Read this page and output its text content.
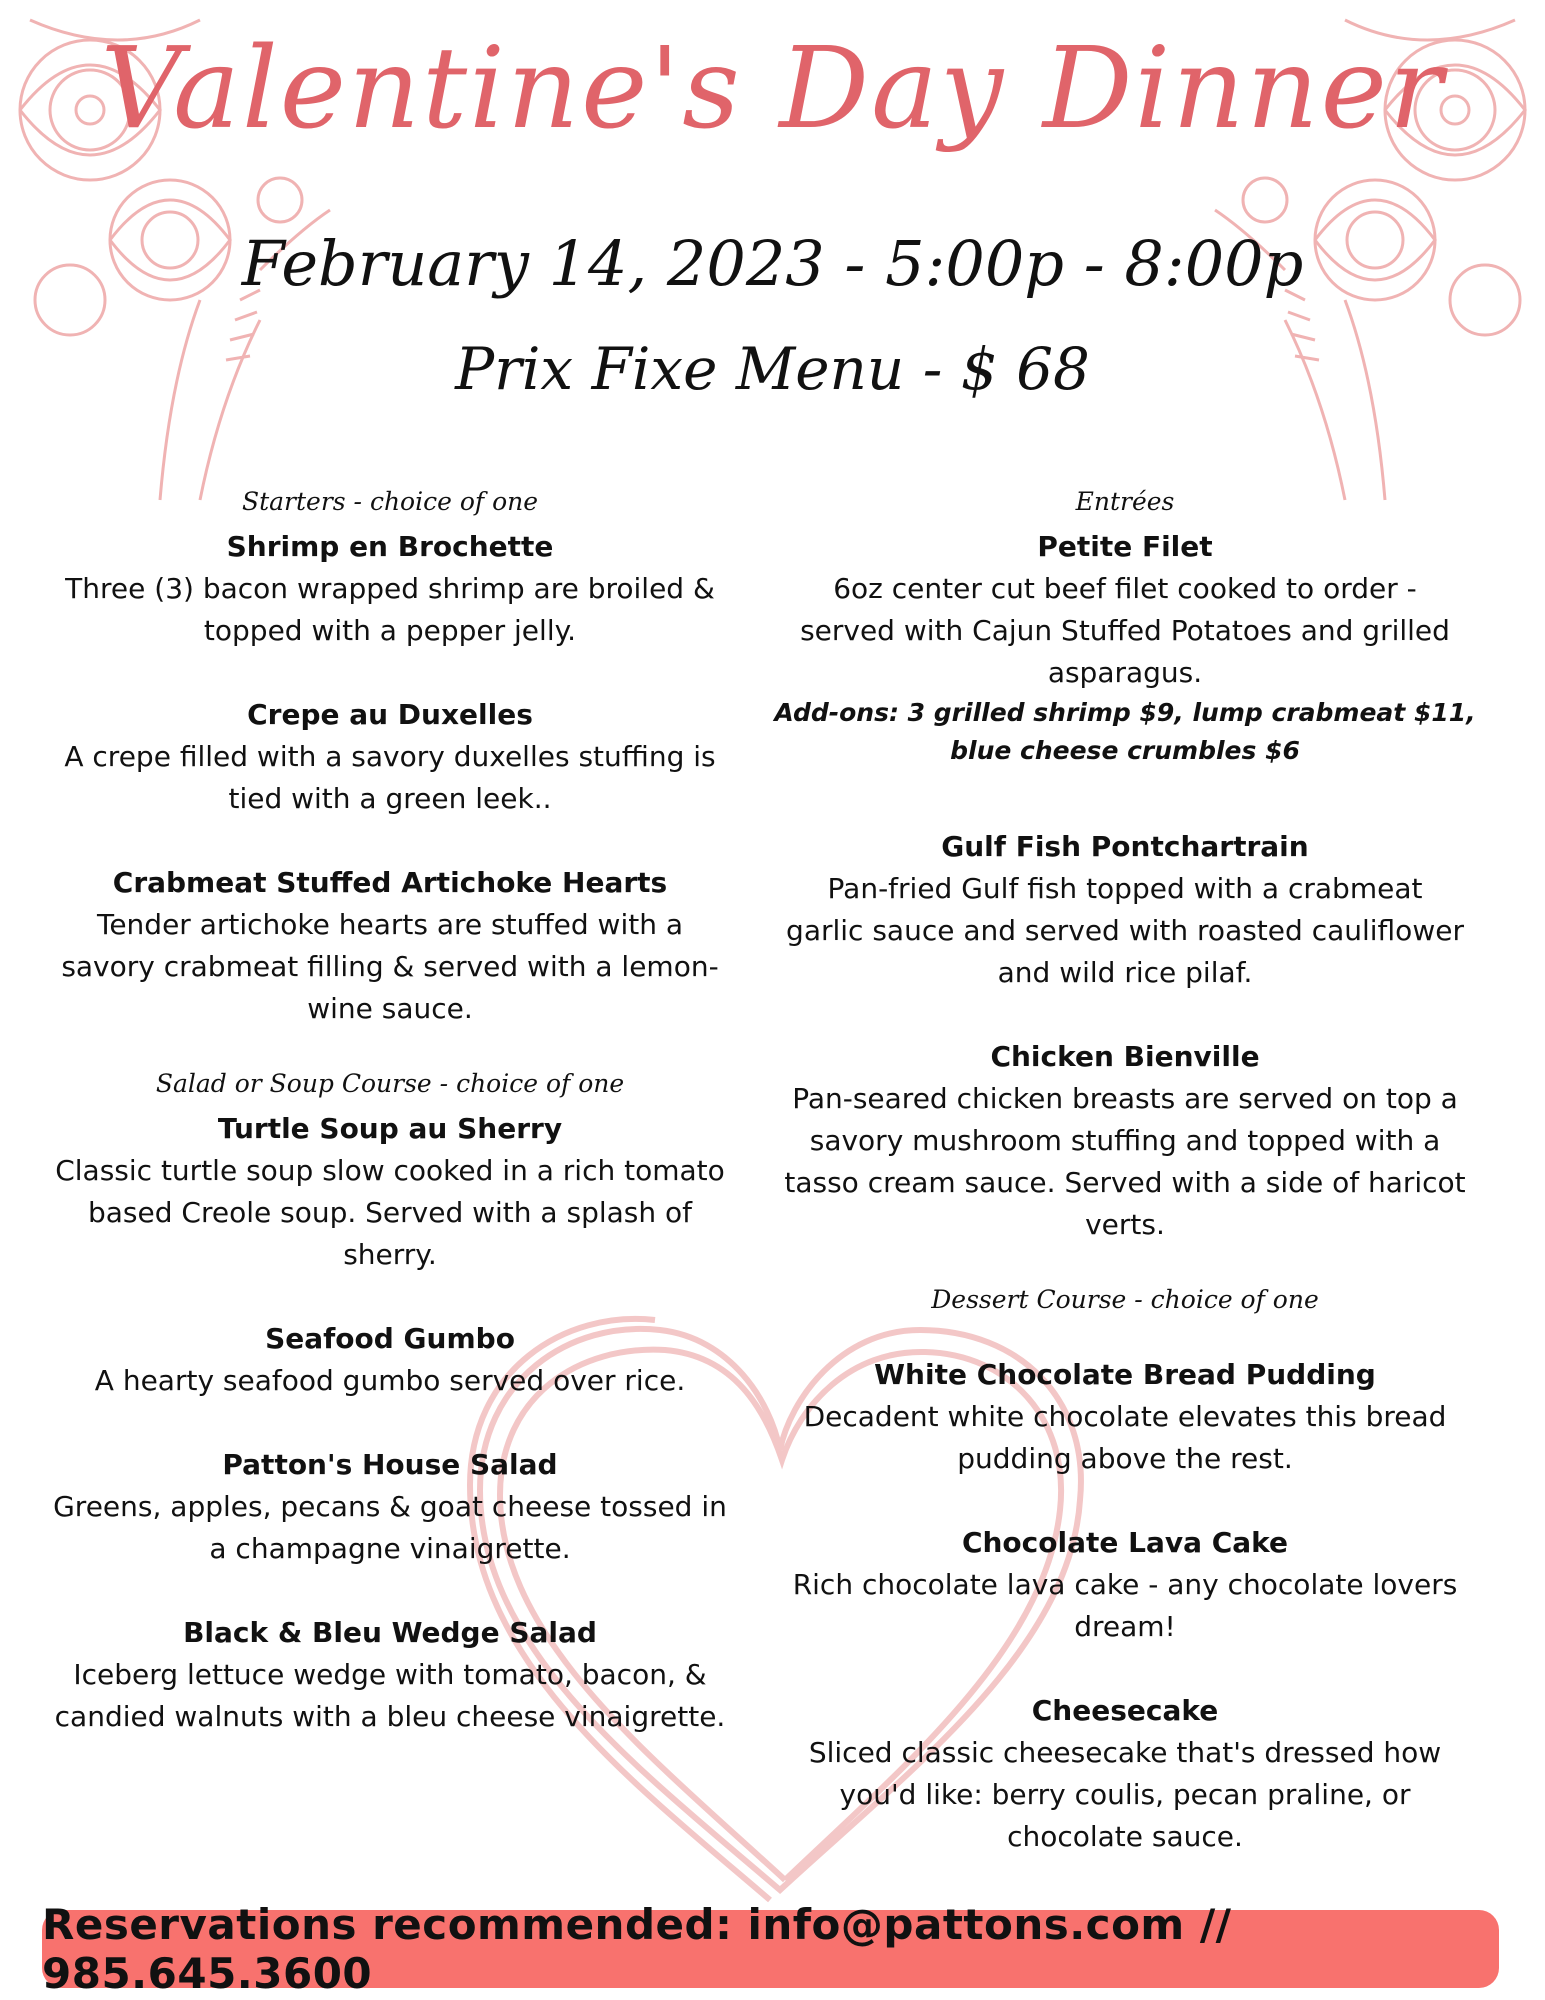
Valentine's Day Dinner
February 14, 2023 - 5:00p - 8:00p
Prix Fixe Menu - $ 68
Starters - choice of one
Shrimp en Brochette
Three (3) bacon wrapped shrimp are broiled &
topped with a pepper jelly.
Crepe au Duxelles
A crepe filled with a savory duxelles stuffing is
tied with a green leek..
Crabmeat Stuffed Artichoke Hearts
Tender artichoke hearts are stuffed with a
savory crabmeat filling & served with a lemon-
wine sauce.
Salad or Soup Course - choice of one
Turtle Soup au Sherry
Classic turtle soup slow cooked in a rich tomato
based Creole soup. Served with a splash of
sherry.
Seafood Gumbo
A hearty seafood gumbo served over rice.
Patton's House Salad
Greens, apples, pecans & goat cheese tossed in
a champagne vinaigrette.
Black & Bleu Wedge Salad
Iceberg lettuce wedge with tomato, bacon, &
candied walnuts with a bleu cheese vinaigrette.
Entrées
Petite Filet
6oz center cut beef filet cooked to order -
served with Cajun Stuffed Potatoes and grilled
asparagus.
Add-ons: 3 grilled shrimp $9, lump crabmeat $11,
blue cheese crumbles $6
Gulf Fish Pontchartrain
Pan-fried Gulf fish topped with a crabmeat
garlic sauce and served with roasted cauliflower
and wild rice pilaf.
Chicken Bienville
Pan-seared chicken breasts are served on top a
savory mushroom stuffing and topped with a
tasso cream sauce. Served with a side of haricot
verts.
Dessert Course - choice of one
White Chocolate Bread Pudding
Decadent white chocolate elevates this bread
pudding above the rest.
Chocolate Lava Cake
Rich chocolate lava cake - any chocolate lovers
dream!
Cheesecake
Sliced classic cheesecake that's dressed how
you'd like: berry coulis, pecan praline, or
chocolate sauce.
Reservations recommended: info@pattons.com // 985.645.3600
